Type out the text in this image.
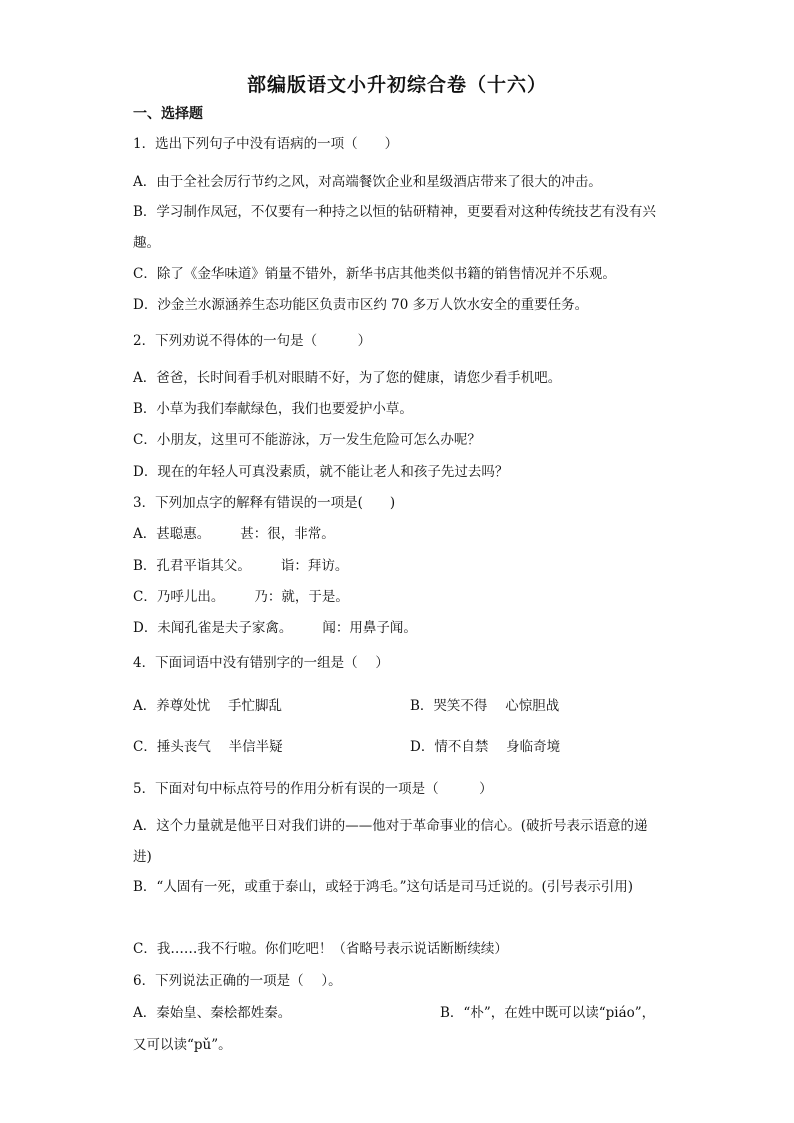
部编版语文小升初综合卷（十六）
一、选择题
1．选出下列句子中没有语病的一项（　　）
A．由于全社会厉行节约之风，对高端餐饮企业和星级酒店带来了很大的冲击。
B．学习制作凤冠，不仅要有一种持之以恒的钻研精神，更要看对这种传统技艺有没有兴趣。
C．除了《金华味道》销量不错外，新华书店其他类似书籍的销售情况并不乐观。
D．沙金兰水源涵养生态功能区负责市区约 70 多万人饮水安全的重要任务。
2．下列劝说不得体的一句是（　　　）
A．爸爸，长时间看手机对眼睛不好，为了您的健康，请您少看手机吧。
B．小草为我们奉献绿色，我们也要爱护小草。
C．小朋友，这里可不能游泳，万一发生危险可怎么办呢？
D．现在的年轻人可真没素质，就不能让老人和孩子先过去吗？
3．下列加点字的解释有错误的一项是(　　)
A．甚聪惠。 甚：很，非常。
B．孔君平诣其父。 诣：拜访。
C．乃呼儿出。 乃：就，于是。
D．未闻孔雀是夫子家禽。 闻：用鼻子闻。
4．下面词语中没有错别字的一组是（　 ）
A．养尊处忧　 手忙脚乱	B．哭笑不得　 心惊胆战
C．捶头丧气　 半信半疑	D．情不自禁　 身临奇境
5．下面对句中标点符号的作用分析有误的一项是（　　　）
A．这个力量就是他平日对我们讲的——他对于革命事业的信心。(破折号表示语意的递进)
B．“人固有一死，或重于泰山，或轻于鸿毛。”这句话是司马迁说的。(引号表示引用)
C．我……我不行啦。你们吃吧！（省略号表示说话断断续续）
6．下列说法正确的一项是（　 ）。
A．秦始皇、秦桧都姓秦。	B．“朴”，在姓中既可以读“piáo”，
又可以读“pǔ”。
